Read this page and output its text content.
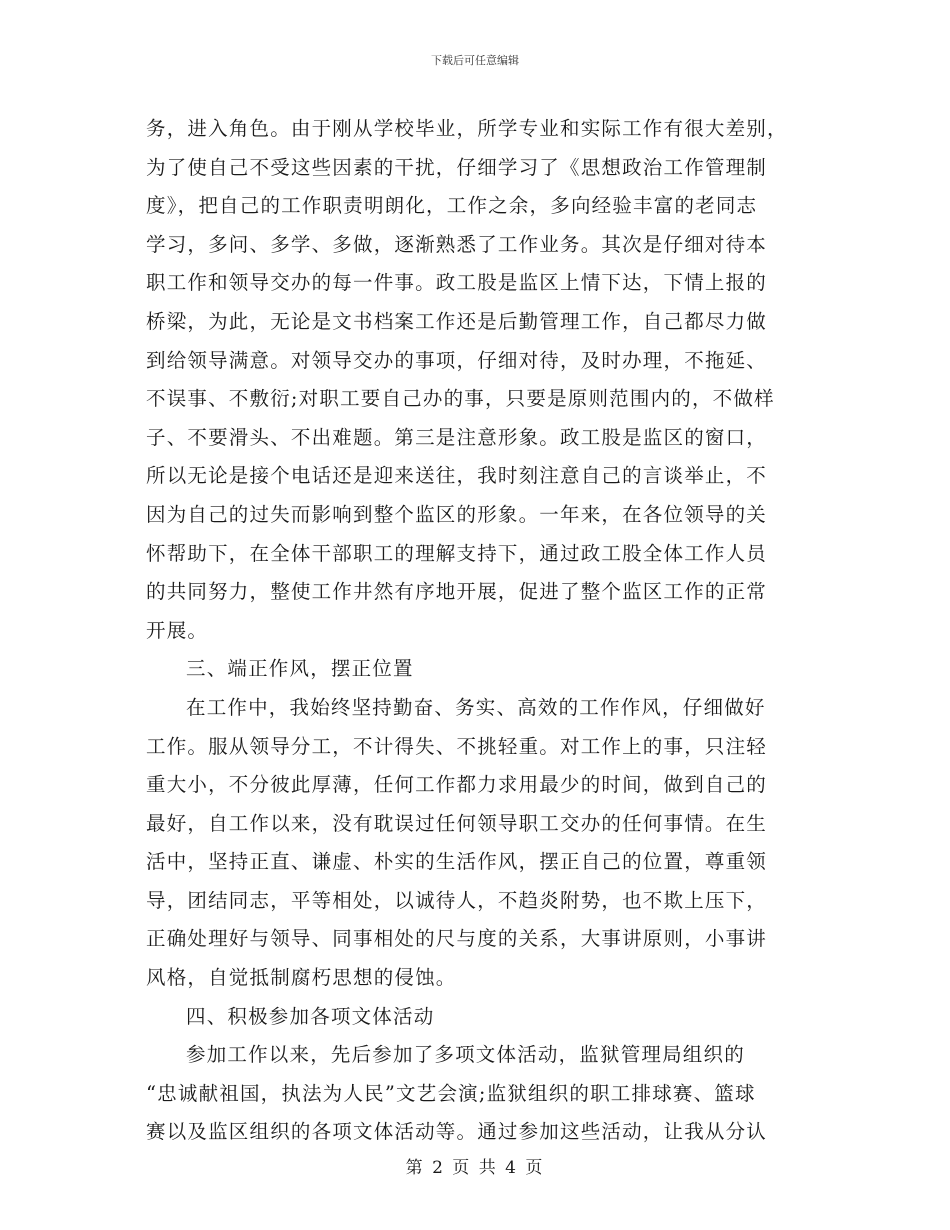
下载后可任意编辑
务，进入角色。由于刚从学校毕业，所学专业和实际工作有很大差别，
为了使自己不受这些因素的干扰，仔细学习了《思想政治工作管理制
度》，把自己的工作职责明朗化，工作之余，多向经验丰富的老同志
学习，多问、多学、多做，逐渐熟悉了工作业务。其次是仔细对待本
职工作和领导交办的每一件事。政工股是监区上情下达，下情上报的
桥梁，为此，无论是文书档案工作还是后勤管理工作，自己都尽力做
到给领导满意。对领导交办的事项，仔细对待，及时办理，不拖延、
不误事、不敷衍;对职工要自己办的事，只要是原则范围内的，不做样
子、不要滑头、不出难题。第三是注意形象。政工股是监区的窗口，
所以无论是接个电话还是迎来送往，我时刻注意自己的言谈举止，不
因为自己的过失而影响到整个监区的形象。一年来，在各位领导的关
怀帮助下，在全体干部职工的理解支持下，通过政工股全体工作人员
的共同努力，整使工作井然有序地开展，促进了整个监区工作的正常
开展。
三、端正作风，摆正位置
在工作中，我始终坚持勤奋、务实、高效的工作作风，仔细做好
工作。服从领导分工，不计得失、不挑轻重。对工作上的事，只注轻
重大小，不分彼此厚薄，任何工作都力求用最少的时间，做到自己的
最好，自工作以来，没有耽误过任何领导职工交办的任何事情。在生
活中，坚持正直、谦虚、朴实的生活作风，摆正自己的位置，尊重领
导，团结同志，平等相处，以诚待人，不趋炎附势，也不欺上压下，
正确处理好与领导、同事相处的尺与度的关系，大事讲原则，小事讲
风格，自觉抵制腐朽思想的侵蚀。
四、积极参加各项文体活动
参加工作以来，先后参加了多项文体活动，监狱管理局组织的
“忠诚献祖国，执法为人民”文艺会演;监狱组织的职工排球赛、篮球
赛以及监区组织的各项文体活动等。通过参加这些活动，让我从分认
第 2 页 共 4 页
